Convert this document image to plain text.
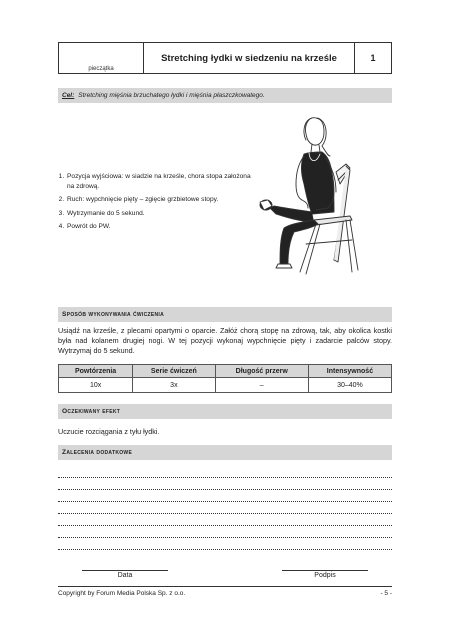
pieczątka
Stretching łydki w siedzeniu na krześle	1
Cel: Stretching mięśnia brzuchatego łydki i mięśnia płaszczkowatego.
1. Pozycja wyjściowa: w siadzie na krześle, chora stopa założona na zdrową.
2. Ruch: wypchnięcie pięty – zgięcie grzbietowe stopy.
3. Wytrzymanie do 5 sekund.
4. Powrót do PW.
Sposób wykonywania ćwiczenia
Usiądź na krześle, z plecami opartymi o oparcie. Załóż chorą stopę na zdrową, tak, aby okolica kostki była nad kolanem drugiej nogi. W tej pozycji wykonaj wypchnięcie pięty i zadarcie palców stopy. Wytrzymaj do 5 sekund.
Powtórzenia	Serie ćwiczeń	Długość przerw	Intensywność
10x	3x	–	30–40%
Oczekiwany efekt
Uczucie rozciągania z tyłu łydki.
Zalecenia dodatkowe
Data	Podpis
Copyright by Forum Media Polska Sp. z o.o.	- 5 -
